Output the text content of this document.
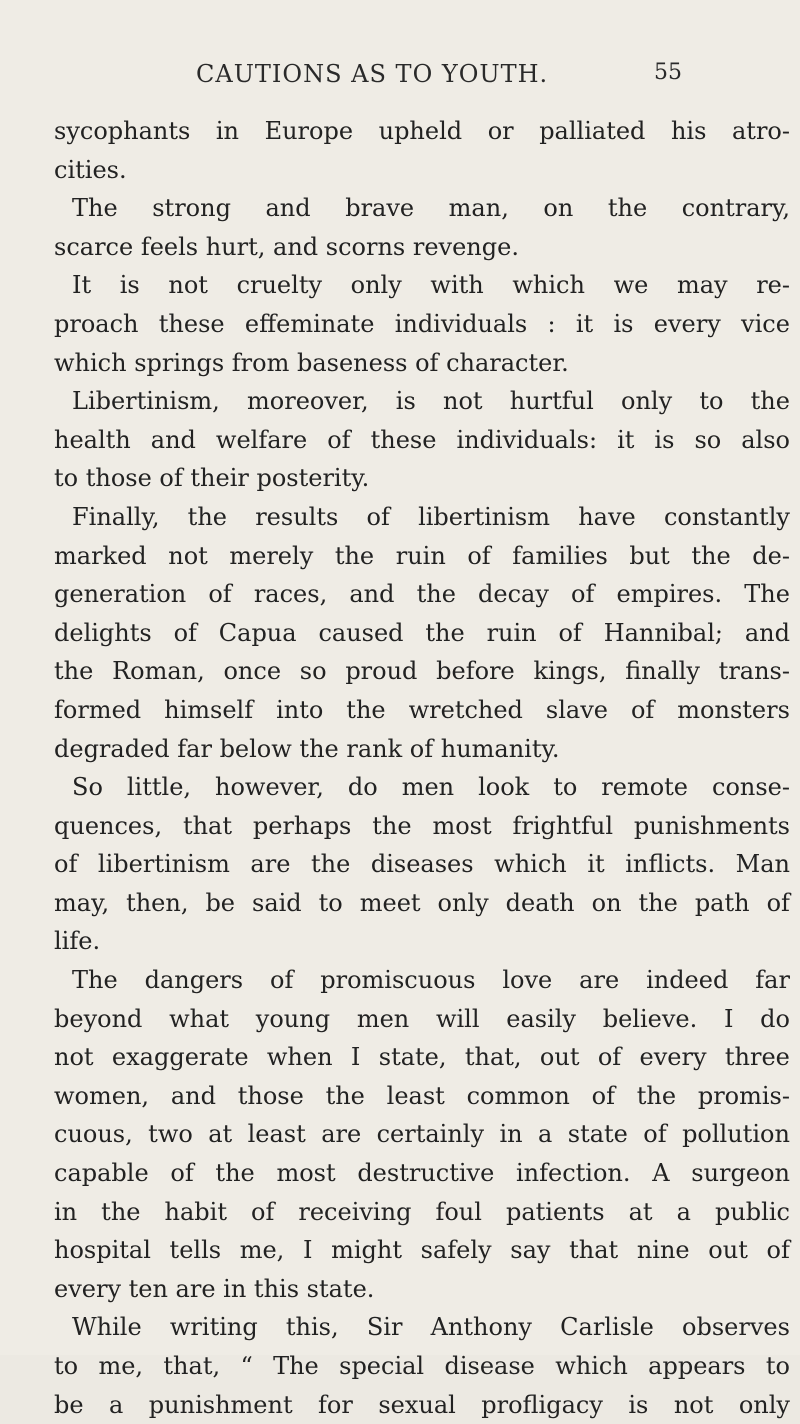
CAUTIONS AS TO YOUTH.	55
sycophants in Europe upheld or palliated his atro-
cities.
The strong and brave man, on the contrary,
scarce feels hurt, and scorns revenge.
It is not cruelty only with which we may re-
proach these effeminate individuals : it is every vice
which springs from baseness of character.
Libertinism, moreover, is not hurtful only to the
health and welfare of these individuals: it is so also
to those of their posterity.
Finally, the results of libertinism have constantly
marked not merely the ruin of families but the de-
generation of races, and the decay of empires. The
delights of Capua caused the ruin of Hannibal; and
the Roman, once so proud before kings, finally trans-
formed himself into the wretched slave of monsters
degraded far below the rank of humanity.
So little, however, do men look to remote conse-
quences, that perhaps the most frightful punishments
of libertinism are the diseases which it inflicts. Man
may, then, be said to meet only death on the path of
life.
The dangers of promiscuous love are indeed far
beyond what young men will easily believe. I do
not exaggerate when I state, that, out of every three
women, and those the least common of the promis-
cuous, two at least are certainly in a state of pollution
capable of the most destructive infection. A surgeon
in the habit of receiving foul patients at a public
hospital tells me, I might safely say that nine out of
every ten are in this state.
While writing this, Sir Anthony Carlisle observes
to me, that, “ The special disease which appears to
be a punishment for sexual profligacy is not only
